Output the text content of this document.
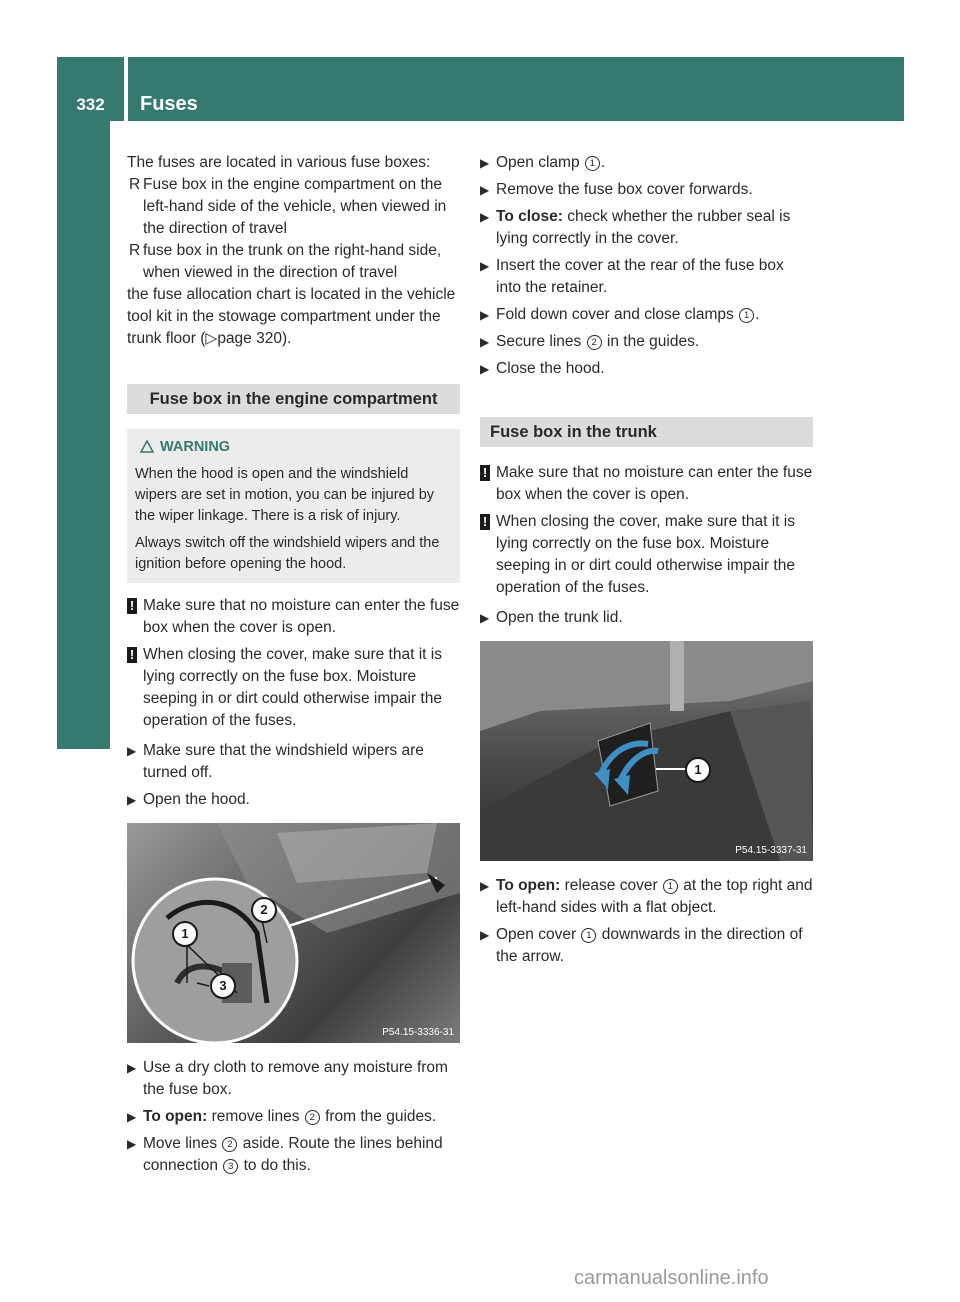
332	Fuses
Breakdown assistance

The fuses are located in various fuse boxes:

R Fuse box in the engine compartment on the left-hand side of the vehicle, when viewed in the direction of travel
R fuse box in the trunk on the right-hand side, when viewed in the direction of travel

the fuse allocation chart is located in the vehicle tool kit in the stowage compartment under the trunk floor (▷page 320).

Fuse box in the engine compartment
WARNING

When the hood is open and the windshield wipers are set in motion, you can be injured by the wiper linkage. There is a risk of injury.

Always switch off the windshield wipers and the ignition before opening the hood.

! Make sure that no moisture can enter the fuse box when the cover is open.
! When closing the cover, make sure that it is lying correctly on the fuse box. Moisture seeping in or dirt could otherwise impair the operation of the fuses.
▶ Make sure that the windshield wipers are turned off.
▶ Open the hood.
2
1
3
P54.15-3336-31
▶ Use a dry cloth to remove any moisture from the fuse box.
▶ To open: remove lines 2 from the guides.
▶ Move lines 2 aside. Route the lines behind connection 3 to do this.
▶ Open clamp 1 .
▶ Remove the fuse box cover forwards.
▶ To close: check whether the rubber seal is lying correctly in the cover.
▶ Insert the cover at the rear of the fuse box into the retainer.
▶ Fold down cover and close clamps 1 .
▶ Secure lines 2 in the guides.
▶ Close the hood.
Fuse box in the trunk
! Make sure that no moisture can enter the fuse box when the cover is open.
! When closing the cover, make sure that it is lying correctly on the fuse box. Moisture seeping in or dirt could otherwise impair the operation of the fuses.
▶ Open the trunk lid.
1
P54.15-3337-31
▶ To open: release cover 1 at the top right and left-hand sides with a flat object.
▶ Open cover 1 downwards in the direction of the arrow.
carmanualsonline.info
